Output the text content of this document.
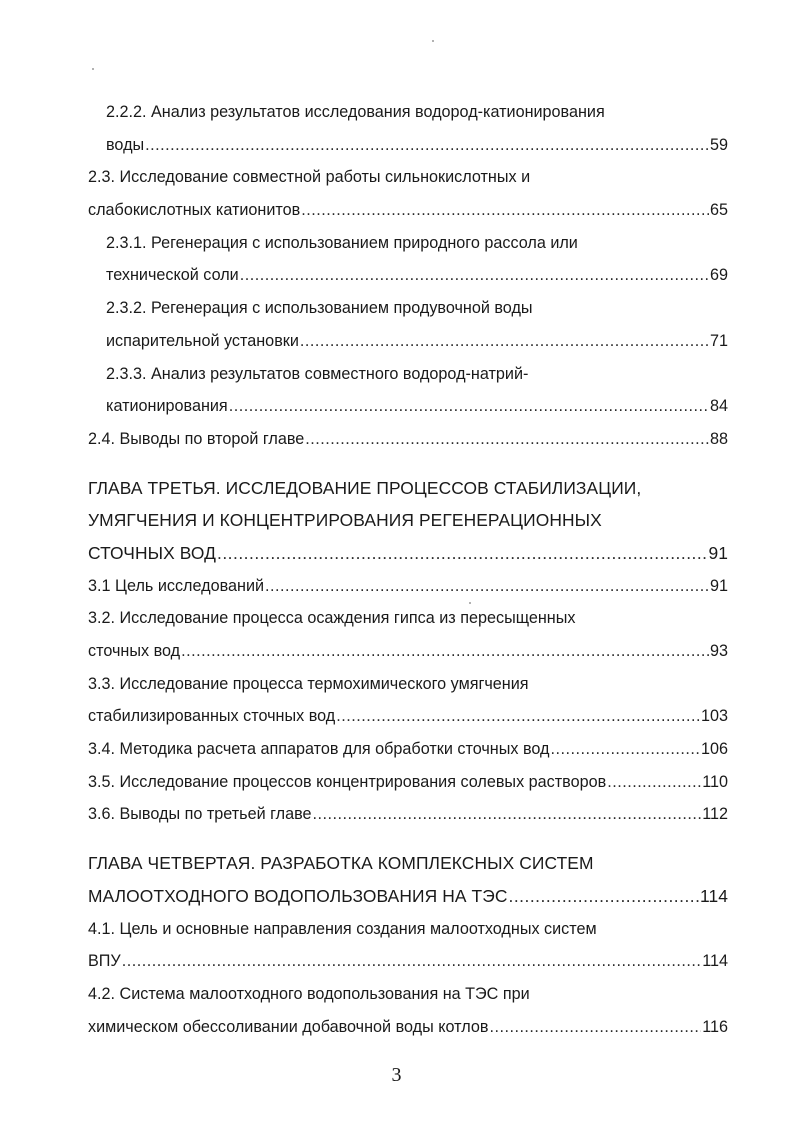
2.2.2. Анализ результатов исследования водород-катионирования
воды .....	59
2.3. Исследование совместной работы сильнокислотных и
слабокислотных катионитов .....	65
2.3.1. Регенерация с использованием природного рассола или
технической соли .....	69
2.3.2. Регенерация с использованием продувочной воды
испарительной установки .....	71
2.3.3. Анализ результатов совместного водород-натрий-
катионирования .....	84
2.4. Выводы по второй главе .....	88
ГЛАВА ТРЕТЬЯ. ИССЛЕДОВАНИЕ ПРОЦЕССОВ СТАБИЛИЗАЦИИ,
УМЯГЧЕНИЯ И КОНЦЕНТРИРОВАНИЯ РЕГЕНЕРАЦИОННЫХ
СТОЧНЫХ ВОД .....	91
3.1 Цель исследований .....	91
3.2. Исследование процесса осаждения гипса из пересыщенных
сточных вод .....	93
3.3. Исследование процесса термохимического умягчения
стабилизированных сточных вод .....	103
3.4. Методика расчета аппаратов для обработки сточных вод .....	106
3.5. Исследование процессов концентрирования солевых растворов .....	110
3.6. Выводы по третьей главе .....	112
ГЛАВА ЧЕТВЕРТАЯ. РАЗРАБОТКА КОМПЛЕКСНЫХ СИСТЕМ
МАЛООТХОДНОГО ВОДОПОЛЬЗОВАНИЯ НА ТЭС .....	114
4.1. Цель и основные направления создания малоотходных систем
ВПУ .....	114
4.2. Система малоотходного водопользования на ТЭС при
химическом обессоливании добавочной воды котлов .....	116
3
